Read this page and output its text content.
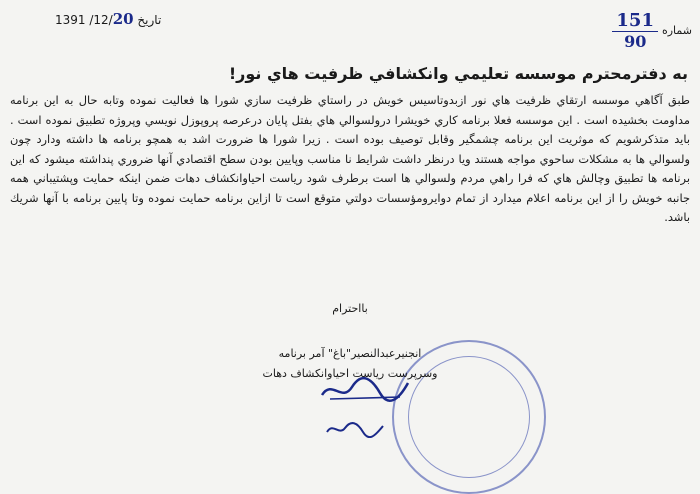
1391 /12/20 تاريخ	$\frac{151}{90}$ شماره
به دفترمحترم موسسه تعليمي وانكشافي ظرفيت هاي نور!

طبق آگاهي موسسه ارتقاي ظرفيت هاي نور ازبدوتاسيس خويش در راستاي ظرفيت سازي شورا ها فعاليت نموده وتابه حال به اين برنامه مداومت بخشيده است . اين موسسه فعلا برنامه كاري خويشرا درولسوالي هاي بفتل پايان درعرصه پروپوزل نويسي وپروژه تطبيق نموده است . بايد متذكرشويم كه موثريت اين برنامه چشمگير وقابل توصيف بوده است . زيرا شورا ها ضرورت اشد به همچو برنامه ها داشته ودارد چون ولسوالي ها به مشكلات ساحوي مواجه هستند ويا درنظر داشت شرايط نا مناسب وپايين بودن سطح اقتصادي آنها ضروري پنداشته ميشود كه اين برنامه ها تطبيق وچالش هاي كه فرا راهي مردم ولسوالي ها است برطرف شود رياست احياوانكشاف دهات ضمن اينكه حمايت وپشتيباني همه جانبه خويش را از اين برنامه اعلام ميدارد از تمام دوايرومؤسسات دولتي متوقع است تا ازاين برنامه حمايت نموده وتا پايين برنامه با آنها شريك باشد.

بااحترام
انجنيرعبدالنصير"باغ" آمر برنامه
وسرپرست رياست احياوانكشاف دهات
